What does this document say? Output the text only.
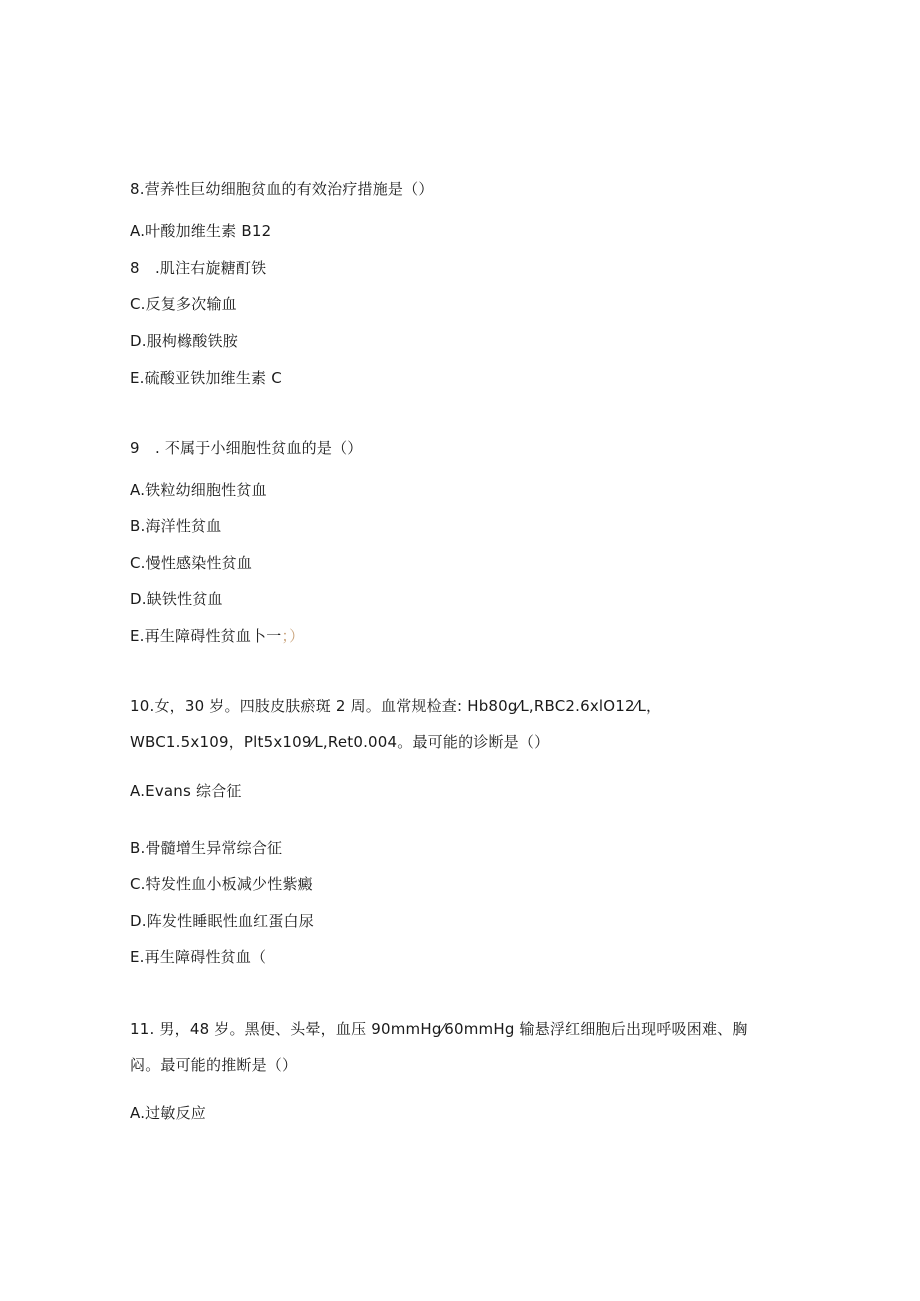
8.营养性巨幼细胞贫血的有效治疗措施是（）
A.叶酸加维生素 B12
8　.肌注右旋糖酊铁
C.反复多次输血
D.服枸橼酸铁胺
E.硫酸亚铁加维生素 C
9　. 不属于小细胞性贫血的是（）
A.铁粒幼细胞性贫血
B.海洋性贫血
C.慢性感染性贫血
D.缺铁性贫血
E.再生障碍性贫血卜一；）
10.女，30 岁。四肢皮肤瘀斑 2 周。血常规检查: Hb80g⁄L,RBC2.6xlO12⁄L，
WBC1.5x109，Plt5x109⁄L,Ret0.004。最可能的诊断是（）
A.Evans 综合征
B.骨髓增生异常综合征
C.特发性血小板减少性紫癜
D.阵发性睡眠性血红蛋白尿
E.再生障碍性贫血（
11. 男，48 岁。黑便、头晕，血压 90mmHg⁄60mmHg 输悬浮红细胞后出现呼吸困难、胸
闷。最可能的推断是（）
A.过敏反应
